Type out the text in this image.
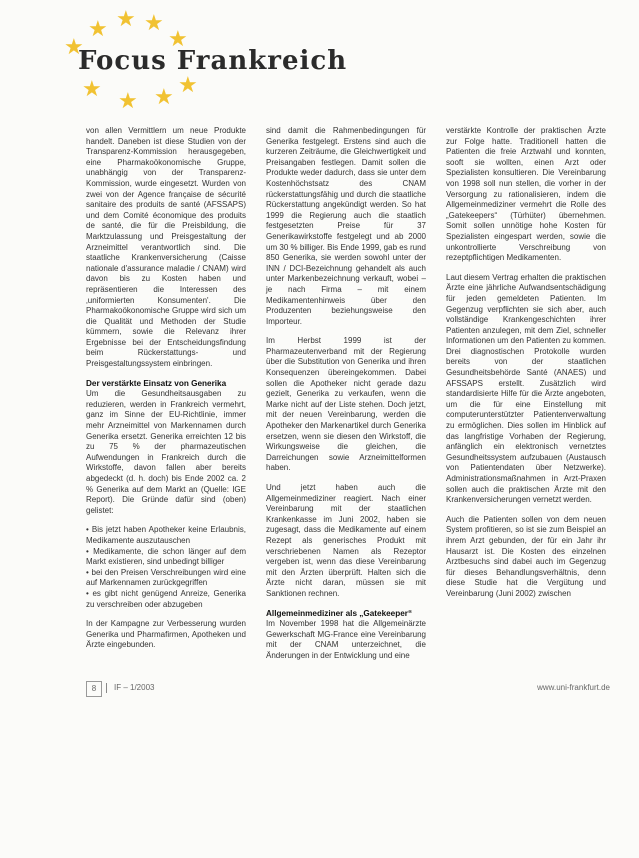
★
★ ★ ★
★
★
★
★
★
Focus Frankreich

von allen Vermittlern um neue Produkte handelt. Daneben ist diese Studien von der Transparenz-Kommission herausgegeben, eine Pharmakoökonomische Gruppe, unabhängig von der Transparenz-Kommission, wurde eingesetzt. Wurden von zwei von der Agence française de sécurité sanitaire des produits de santé (AFSSAPS) und dem Comité économique des produits de santé, die für die Preisbildung, die Marktzulassung und Preisgestaltung der Arzneimittel verantwortlich sind. Die staatliche Krankenversicherung (Caisse nationale d'assurance maladie / CNAM) wird davon bis zu Kosten haben und repräsentieren die Interessen des ‚uniformierten Konsumenten'. Die Pharmakoökonomische Gruppe wird sich um die Qualität und Methoden der Studie kümmern, sowie die Relevanz ihrer Ergebnisse bei der Entscheidungsfindung beim Rückerstattungs- und Preisgestaltungssystem einbringen.

Der verstärkte Einsatz von Generika

Um die Gesundheitsausgaben zu reduzieren, werden in Frankreich vermehrt, ganz im Sinne der EU-Richtlinie, immer mehr Arzneimittel von Markennamen durch Generika ersetzt. Generika erreichten 12 bis zu 75 % der pharmazeutischen Aufwendungen in Frankreich durch die Wirkstoffe, davon fallen aber bereits abgedeckt (d. h. doch) bis Ende 2002 ca. 2 % Generika auf dem Markt an (Quelle: IGE Report). Die Gründe dafür sind (oben) gelistet:

• Bis jetzt haben Apotheker keine Erlaubnis, Medikamente auszutauschen
• Medikamente, die schon länger auf dem Markt existieren, sind unbedingt billiger
• bei den Preisen Verschreibungen wird eine auf Markennamen zurückgegriffen
• es gibt nicht genügend Anreize, Generika zu verschreiben oder abzugeben

In der Kampagne zur Verbesserung wurden Generika und Pharmafirmen, Apotheken und Ärzte eingebunden.

sind damit die Rahmenbedingungen für Generika festgelegt. Erstens sind auch die kurzeren Zeiträume, die Gleichwertigkeit und Preisangaben festlegen. Damit sollen die Produkte weder dadurch, dass sie unter dem Kostenhöchstsatz des CNAM rückerstattungsfähig und durch die staatliche Rückerstattung angekündigt werden. So hat 1999 die Regierung auch die staatlich festgesetzten Preise für 37 Generikawirkstoffe festgelegt und ab 2000 um 30 % billiger. Bis Ende 1999, gab es rund 850 Generika, sie werden sowohl unter der INN / DCI-Bezeichnung gehandelt als auch unter Markenbezeichnung verkauft, wobei – je nach Firma – mit einem Medikamentenhinweis über den Produzenten beziehungsweise den Importeur.

Im Herbst 1999 ist der Pharmazeutenverband mit der Regierung über die Substitution von Generika und ihren Konsequenzen übereingekommen. Dabei sollen die Apotheker nicht gerade dazu gezielt, Generika zu verkaufen, wenn die Marke nicht auf der Liste stehen. Doch jetzt, mit der neuen Vereinbarung, werden die Apotheker den Markenartikel durch Generika ersetzen, wenn sie diesen den Wirkstoff, die Wirkungsweise die gleichen, die Darreichungen sowie Arzneimittelformen haben.

Und jetzt haben auch die Allgemeinmediziner reagiert. Nach einer Vereinbarung mit der staatlichen Krankenkasse im Juni 2002, haben sie zugesagt, dass die Medikamente auf einem Rezept als generisches Produkt mit verschriebenen Namen als Rezeptor vergeben ist, wenn das diese Vereinbarung mit den Ärzten überprüft. Halten sich die Ärzte nicht daran, müssen sie mit Sanktionen rechnen.

Allgemeinmediziner als „Gatekeeper“

Im November 1998 hat die Allgemeinärzte Gewerkschaft MG-France eine Vereinbarung mit der CNAM unterzeichnet, die Änderungen in der Entwicklung und eine

verstärkte Kontrolle der praktischen Ärzte zur Folge hatte. Traditionell hatten die Patienten die freie Arztwahl und konnten, sooft sie wollten, einen Arzt oder Spezialisten konsultieren. Die Vereinbarung von 1998 soll nun stellen, die vorher in der Versorgung zu rationalisieren, indem die Allgemeinmediziner vermehrt die Rolle des „Gatekeepers“ (Türhüter) übernehmen. Somit sollen unnötige hohe Kosten für Spezialisten eingespart werden, sowie die unkontrollierte Verschreibung von rezeptpflichtigen Medikamenten.

Laut diesem Vertrag erhalten die praktischen Ärzte eine jährliche Aufwandsentschädigung für jeden gemeldeten Patienten. Im Gegenzug verpflichten sie sich aber, auch vollständige Krankengeschichten ihrer Patienten anzulegen, mit dem Ziel, schneller Informationen um den Patienten zu kommen. Drei diagnostischen Protokolle wurden bereits von der staatlichen Gesundheitsbehörde Santé (ANAES) und AFSSAPS erstellt. Zusätzlich wird standardisierte Hilfe für die Ärzte angeboten, um die für eine Einstellung mit computerunterstützter Patientenverwaltung zu ermöglichen. Dies sollen im Hinblick auf das langfristige Vorhaben der Regierung, anfänglich ein elektronisch vernetztes Gesundheitssystem aufzubauen (Austausch von Patientendaten über Netzwerke). Administrationsmaßnahmen in Arzt-Praxen sollen auch die praktischen Ärzte mit den Krankenversicherungen vernetzt werden.

Auch die Patienten sollen von dem neuen System profitieren, so ist sie zum Beispiel an ihrem Arzt gebunden, der für ein Jahr ihr Hausarzt ist. Die Kosten des einzelnen Arztbesuchs sind dabei auch im Gegenzug für dieses Behandlungsverhältnis, denn diese Studie hat die Vergütung und Vereinbarung (Juni 2002) zwischen

8	IF – 1/2003	www.uni-frankfurt.de
